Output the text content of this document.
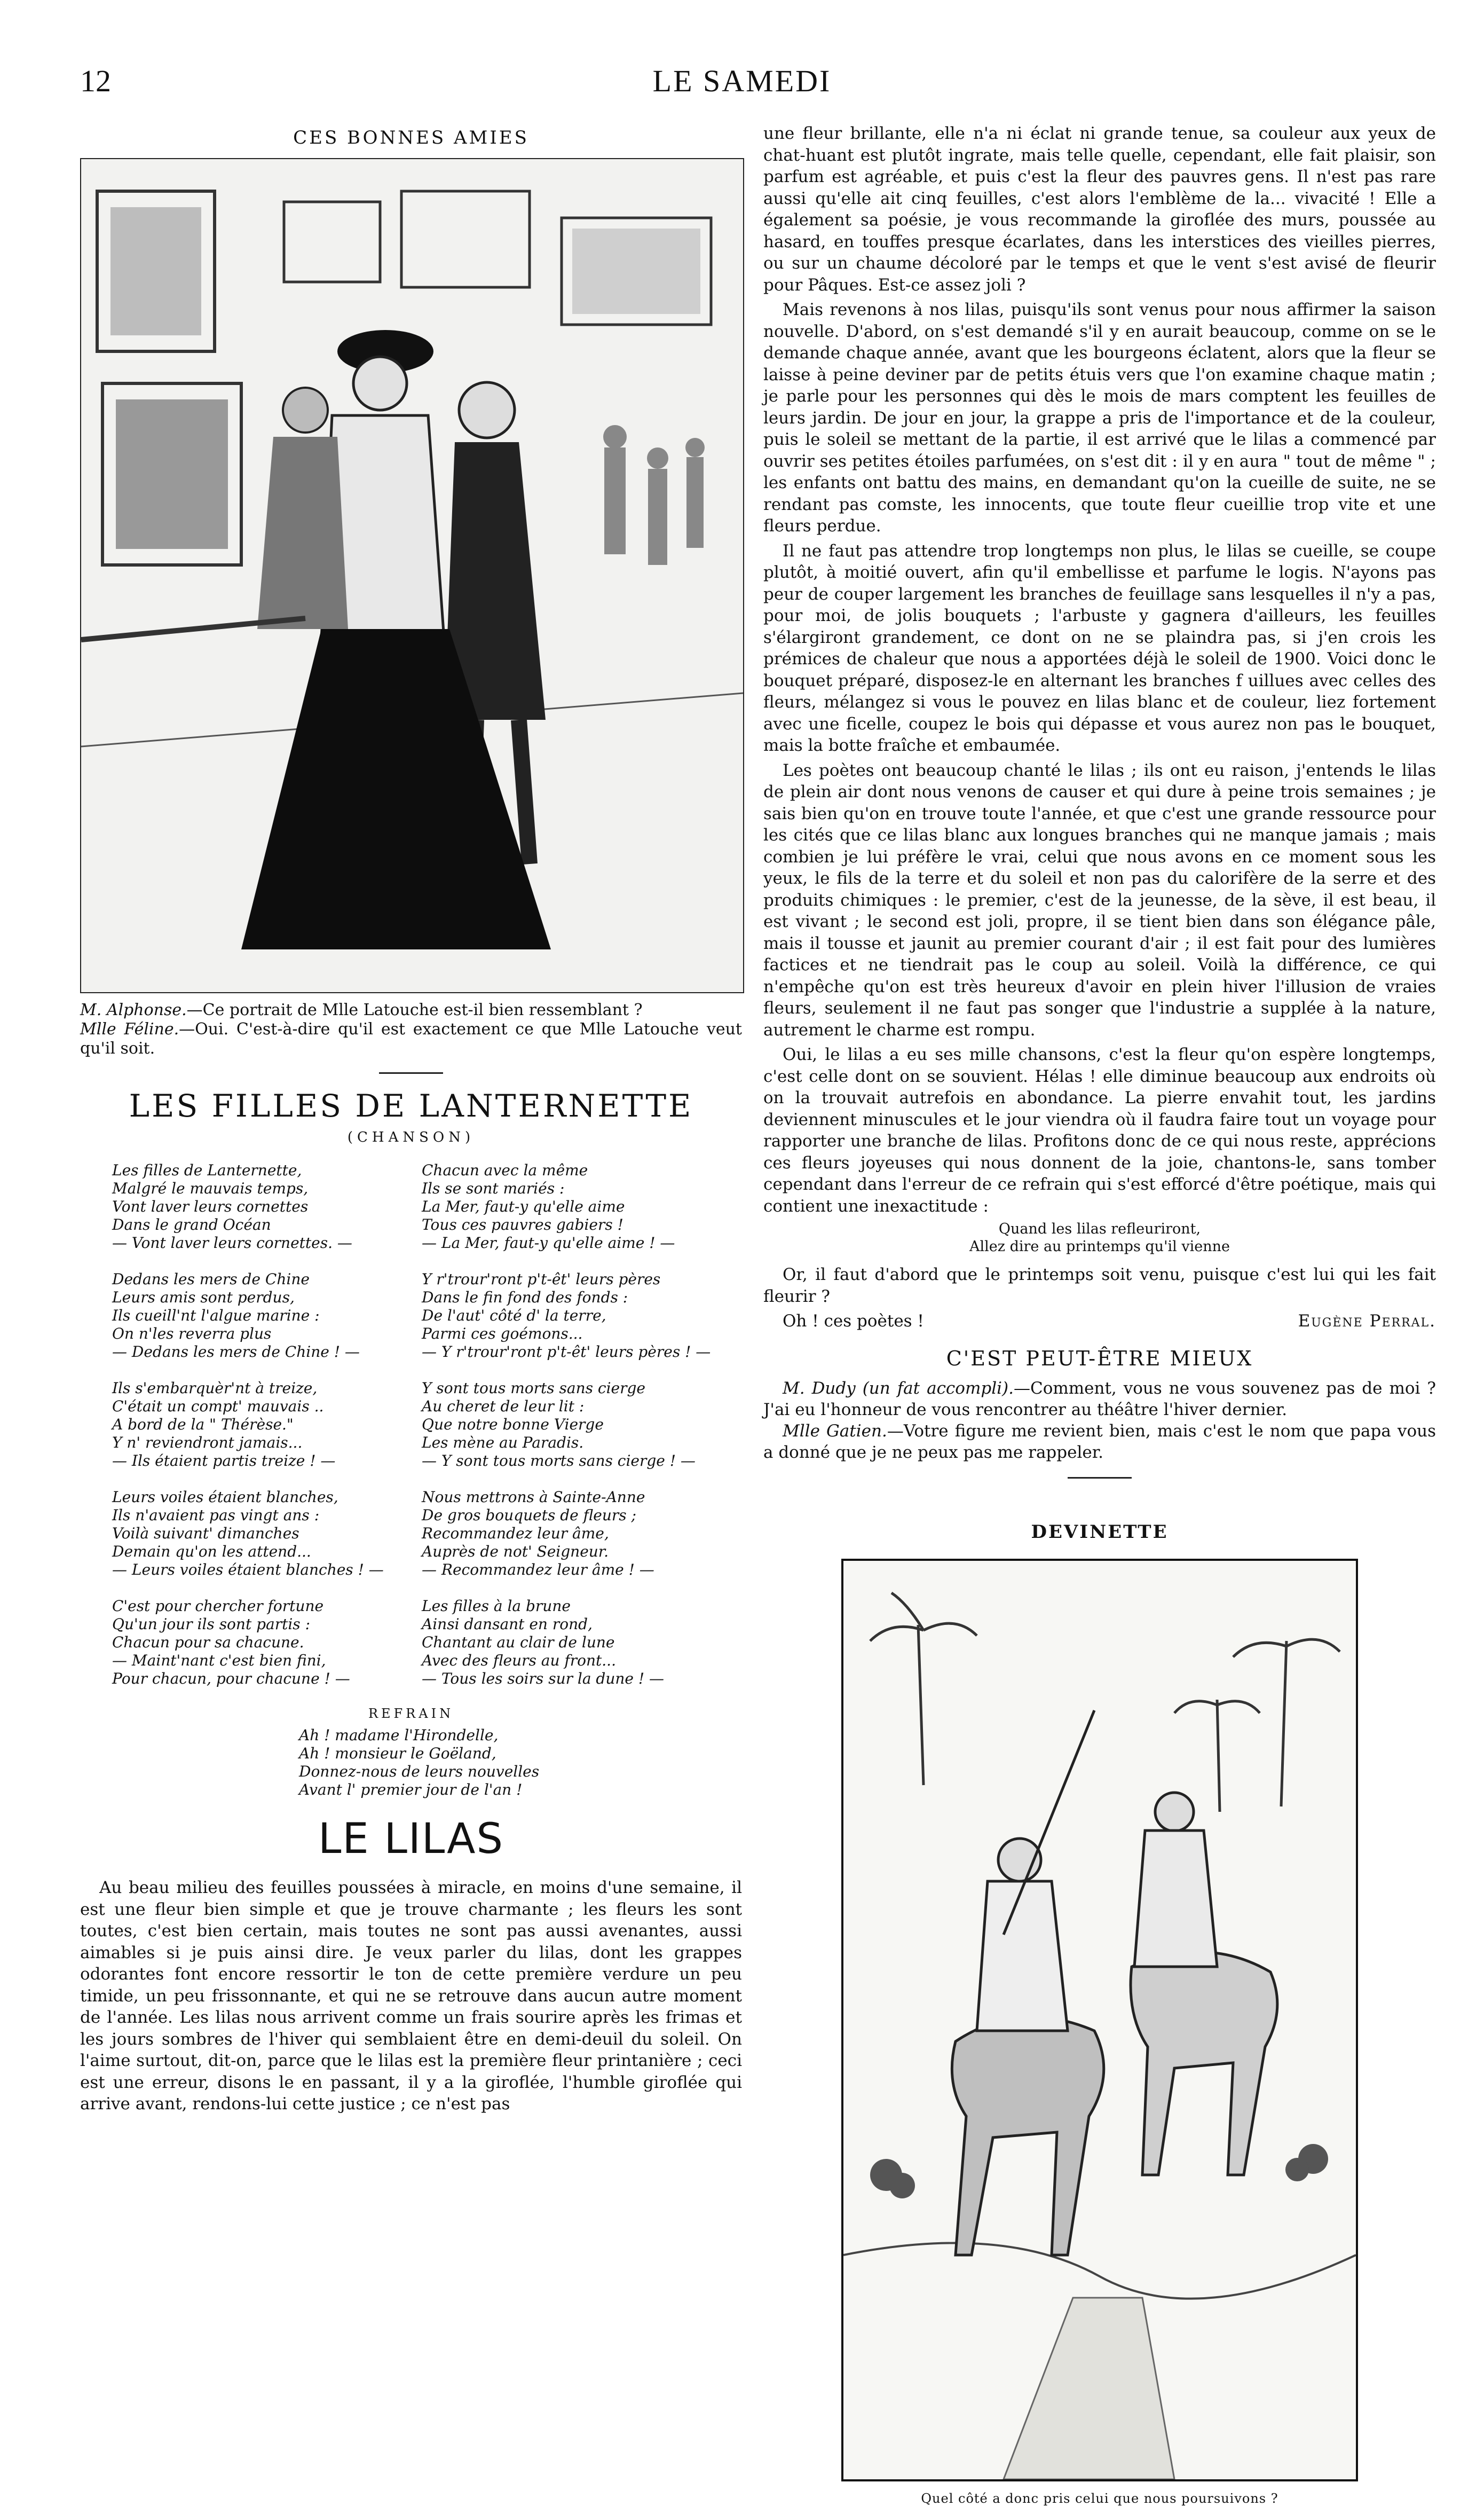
12	LE SAMEDI
CES BONNES AMIES
M. Alphonse.—Ce portrait de Mlle Latouche est-il bien ressemblant ?
Mlle Féline.—Oui. C'est-à-dire qu'il est exactement ce que Mlle Latouche veut qu'il soit.
LES FILLES DE LANTERNETTE
(CHANSON)
Les filles de Lanternette,
Malgré le mauvais temps,
Vont laver leurs cornettes
Dans le grand Océan
— Vont laver leurs cornettes. —
Chacun avec la même
Ils se sont mariés :
La Mer, faut-y qu'elle aime
Tous ces pauvres gabiers !
— La Mer, faut-y qu'elle aime ! —
Dedans les mers de Chine
Leurs amis sont perdus,
Ils cueill'nt l'algue marine :
On n'les reverra plus
— Dedans les mers de Chine ! —
Y r'trour'ront p't-êt' leurs pères
Dans le fin fond des fonds :
De l'aut' côté d' la terre,
Parmi ces goémons...
— Y r'trour'ront p't-êt' leurs pères ! —
Ils s'embarquèr'nt à treize,
C'était un compt' mauvais ..
A bord de la " Thérèse."
Y n' reviendront jamais...
— Ils étaient partis treize ! —
Y sont tous morts sans cierge
Au cheret de leur lit :
Que notre bonne Vierge
Les mène au Paradis.
— Y sont tous morts sans cierge ! —
Leurs voiles étaient blanches,
Ils n'avaient pas vingt ans :
Voilà suivant' dimanches
Demain qu'on les attend...
— Leurs voiles étaient blanches ! —
Nous mettrons à Sainte-Anne
De gros bouquets de fleurs ;
Recommandez leur âme,
Auprès de not' Seigneur.
— Recommandez leur âme ! —
C'est pour chercher fortune
Qu'un jour ils sont partis :
Chacun pour sa chacune.
— Maint'nant c'est bien fini,
Pour chacun, pour chacune ! —
Les filles à la brune
Ainsi dansant en rond,
Chantant au clair de lune
Avec des fleurs au front...
— Tous les soirs sur la dune ! —
REFRAIN
Ah ! madame l'Hirondelle,
Ah ! monsieur le Goëland,
Donnez-nous de leurs nouvelles
Avant l' premier jour de l'an !
LE LILAS

Au beau milieu des feuilles poussées à miracle, en moins d'une semaine, il est une fleur bien simple et que je trouve charmante ; les fleurs les sont toutes, c'est bien certain, mais toutes ne sont pas aussi avenantes, aussi aimables si je puis ainsi dire. Je veux parler du lilas, dont les grappes odorantes font encore ressortir le ton de cette première verdure un peu timide, un peu frissonnante, et qui ne se retrouve dans aucun autre moment de l'année. Les lilas nous arrivent comme un frais sourire après les frimas et les jours sombres de l'hiver qui semblaient être en demi-deuil du soleil. On l'aime surtout, dit-on, parce que le lilas est la première fleur printanière ; ceci est une erreur, disons le en passant, il y a la giroflée, l'humble giroflée qui arrive avant, rendons-lui cette justice ; ce n'est pas

une fleur brillante, elle n'a ni éclat ni grande tenue, sa couleur aux yeux de chat-huant est plutôt ingrate, mais telle quelle, cependant, elle fait plaisir, son parfum est agréable, et puis c'est la fleur des pauvres gens. Il n'est pas rare aussi qu'elle ait cinq feuilles, c'est alors l'emblème de la... vivacité ! Elle a également sa poésie, je vous recommande la giroflée des murs, poussée au hasard, en touffes presque écarlates, dans les interstices des vieilles pierres, ou sur un chaume décoloré par le temps et que le vent s'est avisé de fleurir pour Pâques. Est-ce assez joli ?

Mais revenons à nos lilas, puisqu'ils sont venus pour nous affirmer la saison nouvelle. D'abord, on s'est demandé s'il y en aurait beaucoup, comme on se le demande chaque année, avant que les bourgeons éclatent, alors que la fleur se laisse à peine deviner par de petits étuis vers que l'on examine chaque matin ; je parle pour les personnes qui dès le mois de mars comptent les feuilles de leurs jardin. De jour en jour, la grappe a pris de l'importance et de la couleur, puis le soleil se mettant de la partie, il est arrivé que le lilas a commencé par ouvrir ses petites étoiles parfumées, on s'est dit : il y en aura " tout de même " ; les enfants ont battu des mains, en demandant qu'on la cueille de suite, ne se rendant pas comste, les innocents, que toute fleur cueillie trop vite et une fleurs perdue.

Il ne faut pas attendre trop longtemps non plus, le lilas se cueille, se coupe plutôt, à moitié ouvert, afin qu'il embellisse et parfume le logis. N'ayons pas peur de couper largement les branches de feuillage sans lesquelles il n'y a pas, pour moi, de jolis bouquets ; l'arbuste y gagnera d'ailleurs, les feuilles s'élargiront grandement, ce dont on ne se plaindra pas, si j'en crois les prémices de chaleur que nous a apportées déjà le soleil de 1900. Voici donc le bouquet préparé, disposez-le en alternant les branches f uillues avec celles des fleurs, mélangez si vous le pouvez en lilas blanc et de couleur, liez fortement avec une ficelle, coupez le bois qui dépasse et vous aurez non pas le bouquet, mais la botte fraîche et embaumée.

Les poètes ont beaucoup chanté le lilas ; ils ont eu raison, j'entends le lilas de plein air dont nous venons de causer et qui dure à peine trois semaines ; je sais bien qu'on en trouve toute l'année, et que c'est une grande ressource pour les cités que ce lilas blanc aux longues branches qui ne manque jamais ; mais combien je lui préfère le vrai, celui que nous avons en ce moment sous les yeux, le fils de la terre et du soleil et non pas du calorifère de la serre et des produits chimiques : le premier, c'est de la jeunesse, de la sève, il est beau, il est vivant ; le second est joli, propre, il se tient bien dans son élégance pâle, mais il tousse et jaunit au premier courant d'air ; il est fait pour des lumières factices et ne tiendrait pas le coup au soleil. Voilà la différence, ce qui n'empêche qu'on est très heureux d'avoir en plein hiver l'illusion de vraies fleurs, seulement il ne faut pas songer que l'industrie a supplée à la nature, autrement le charme est rompu.

Oui, le lilas a eu ses mille chansons, c'est la fleur qu'on espère longtemps, c'est celle dont on se souvient. Hélas ! elle diminue beaucoup aux endroits où on la trouvait autrefois en abondance. La pierre envahit tout, les jardins deviennent minuscules et le jour viendra où il faudra faire tout un voyage pour rapporter une branche de lilas. Profitons donc de ce qui nous reste, apprécions ces fleurs joyeuses qui nous donnent de la joie, chantons-le, sans tomber cependant dans l'erreur de ce refrain qui s'est efforcé d'être poétique, mais qui contient une inexactitude :

Quand les lilas refleuriront,
Allez dire au printemps qu'il vienne

Or, il faut d'abord que le printemps soit venu, puisque c'est lui qui les fait fleurir ?

Oh ! ces poètes !	Eugène Perral.
C'EST PEUT-ÊTRE MIEUX

M. Dudy (un fat accompli).—Comment, vous ne vous souvenez pas de moi ? J'ai eu l'honneur de vous rencontrer au théâtre l'hiver dernier.

Mlle Gatien.—Votre figure me revient bien, mais c'est le nom que papa vous a donné que je ne peux pas me rappeler.

DEVINETTE
Quel côté a donc pris celui que nous poursuivons ?
